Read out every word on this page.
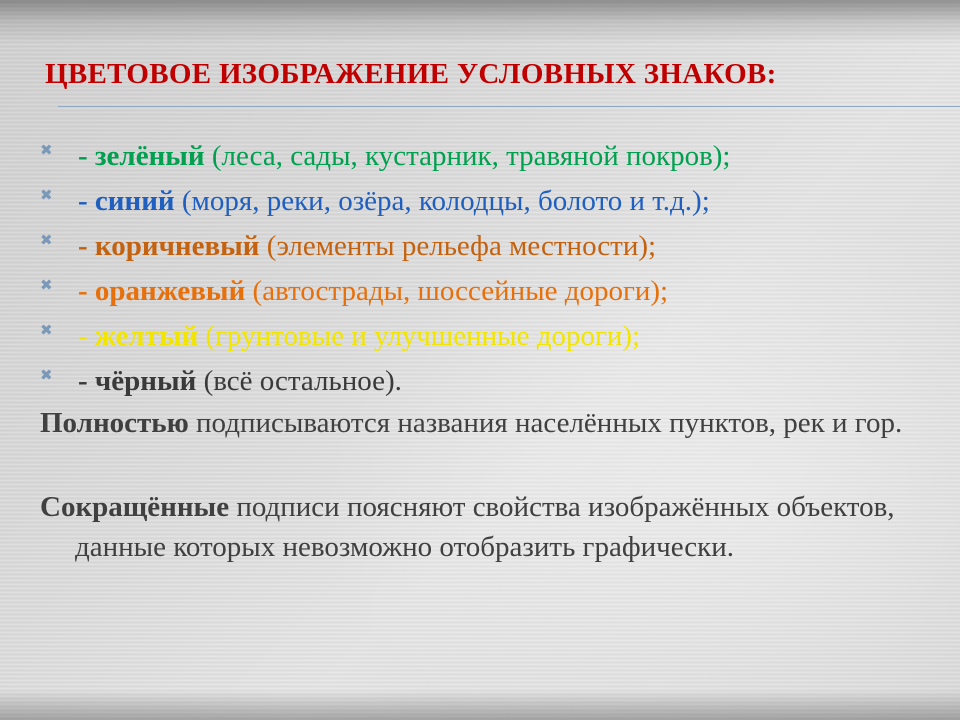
ЦВЕТОВОЕ ИЗОБРАЖЕНИЕ УСЛОВНЫХ ЗНАКОВ:
✖ - зелёный (леса, сады, кустарник, травяной покров);
✖ - синий (моря, реки, озёра, колодцы, болото и т.д.);
✖ - коричневый (элементы рельефа местности);
✖ - оранжевый (автострады, шоссейные дороги);
✖ - желтый (грунтовые и улучшенные дороги);
✖ - чёрный (всё остальное).

Полностью подписываются названия населённых пунктов, рек и гор.

Сокращённые подписи поясняют свойства изображённых объектов, данные которых невозможно отобразить графически.
